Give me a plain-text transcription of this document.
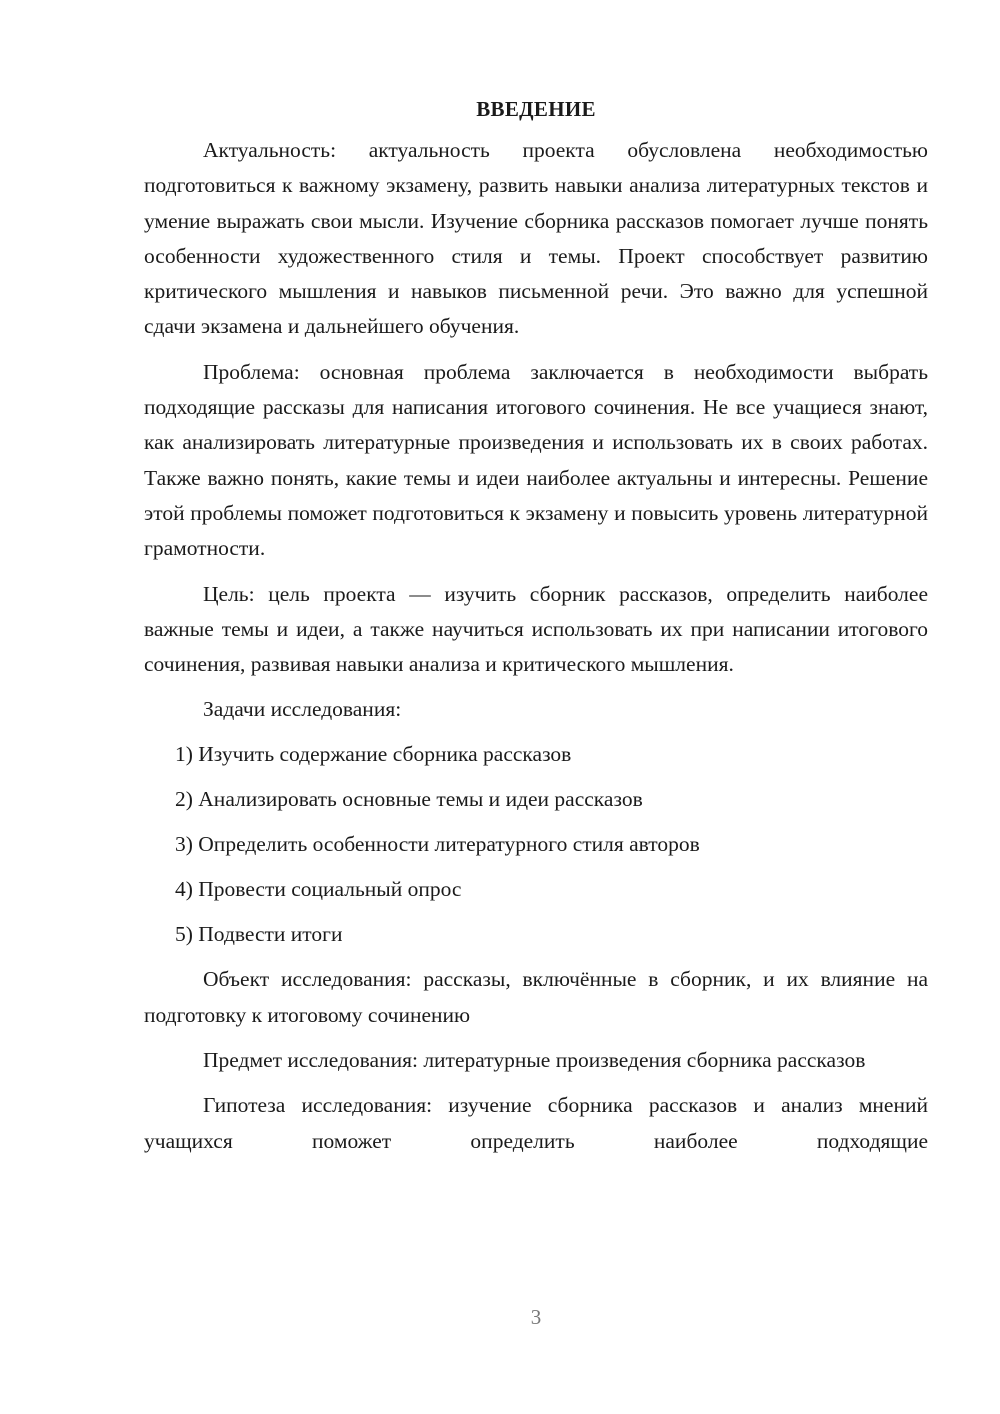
ВВЕДЕНИЕ

Актуальность: актуальность проекта обусловлена необходимостью подготовиться к важному экзамену, развить навыки анализа литературных текстов и умение выражать свои мысли. Изучение сборника рассказов помогает лучше понять особенности художественного стиля и темы. Проект способствует развитию критического мышления и навыков письменной речи. Это важно для успешной сдачи экзамена и дальнейшего обучения.

Проблема: основная проблема заключается в необходимости выбрать подходящие рассказы для написания итогового сочинения. Не все учащиеся знают, как анализировать литературные произведения и использовать их в своих работах. Также важно понять, какие темы и идеи наиболее актуальны и интересны. Решение этой проблемы поможет подготовиться к экзамену и повысить уровень литературной грамотности.

Цель: цель проекта — изучить сборник рассказов, определить наиболее важные темы и идеи, а также научиться использовать их при написании итогового сочинения, развивая навыки анализа и критического мышления.

Задачи исследования:
1) Изучить содержание сборника рассказов
2) Анализировать основные темы и идеи рассказов
3) Определить особенности литературного стиля авторов
4) Провести социальный опрос
5) Подвести итоги

Объект исследования: рассказы, включённые в сборник, и их влияние на подготовку к итоговому сочинению

Предмет исследования: литературные произведения сборника рассказов

Гипотеза исследования: изучение сборника рассказов и анализ мнений учащихся поможет определить наиболее подходящие

3
